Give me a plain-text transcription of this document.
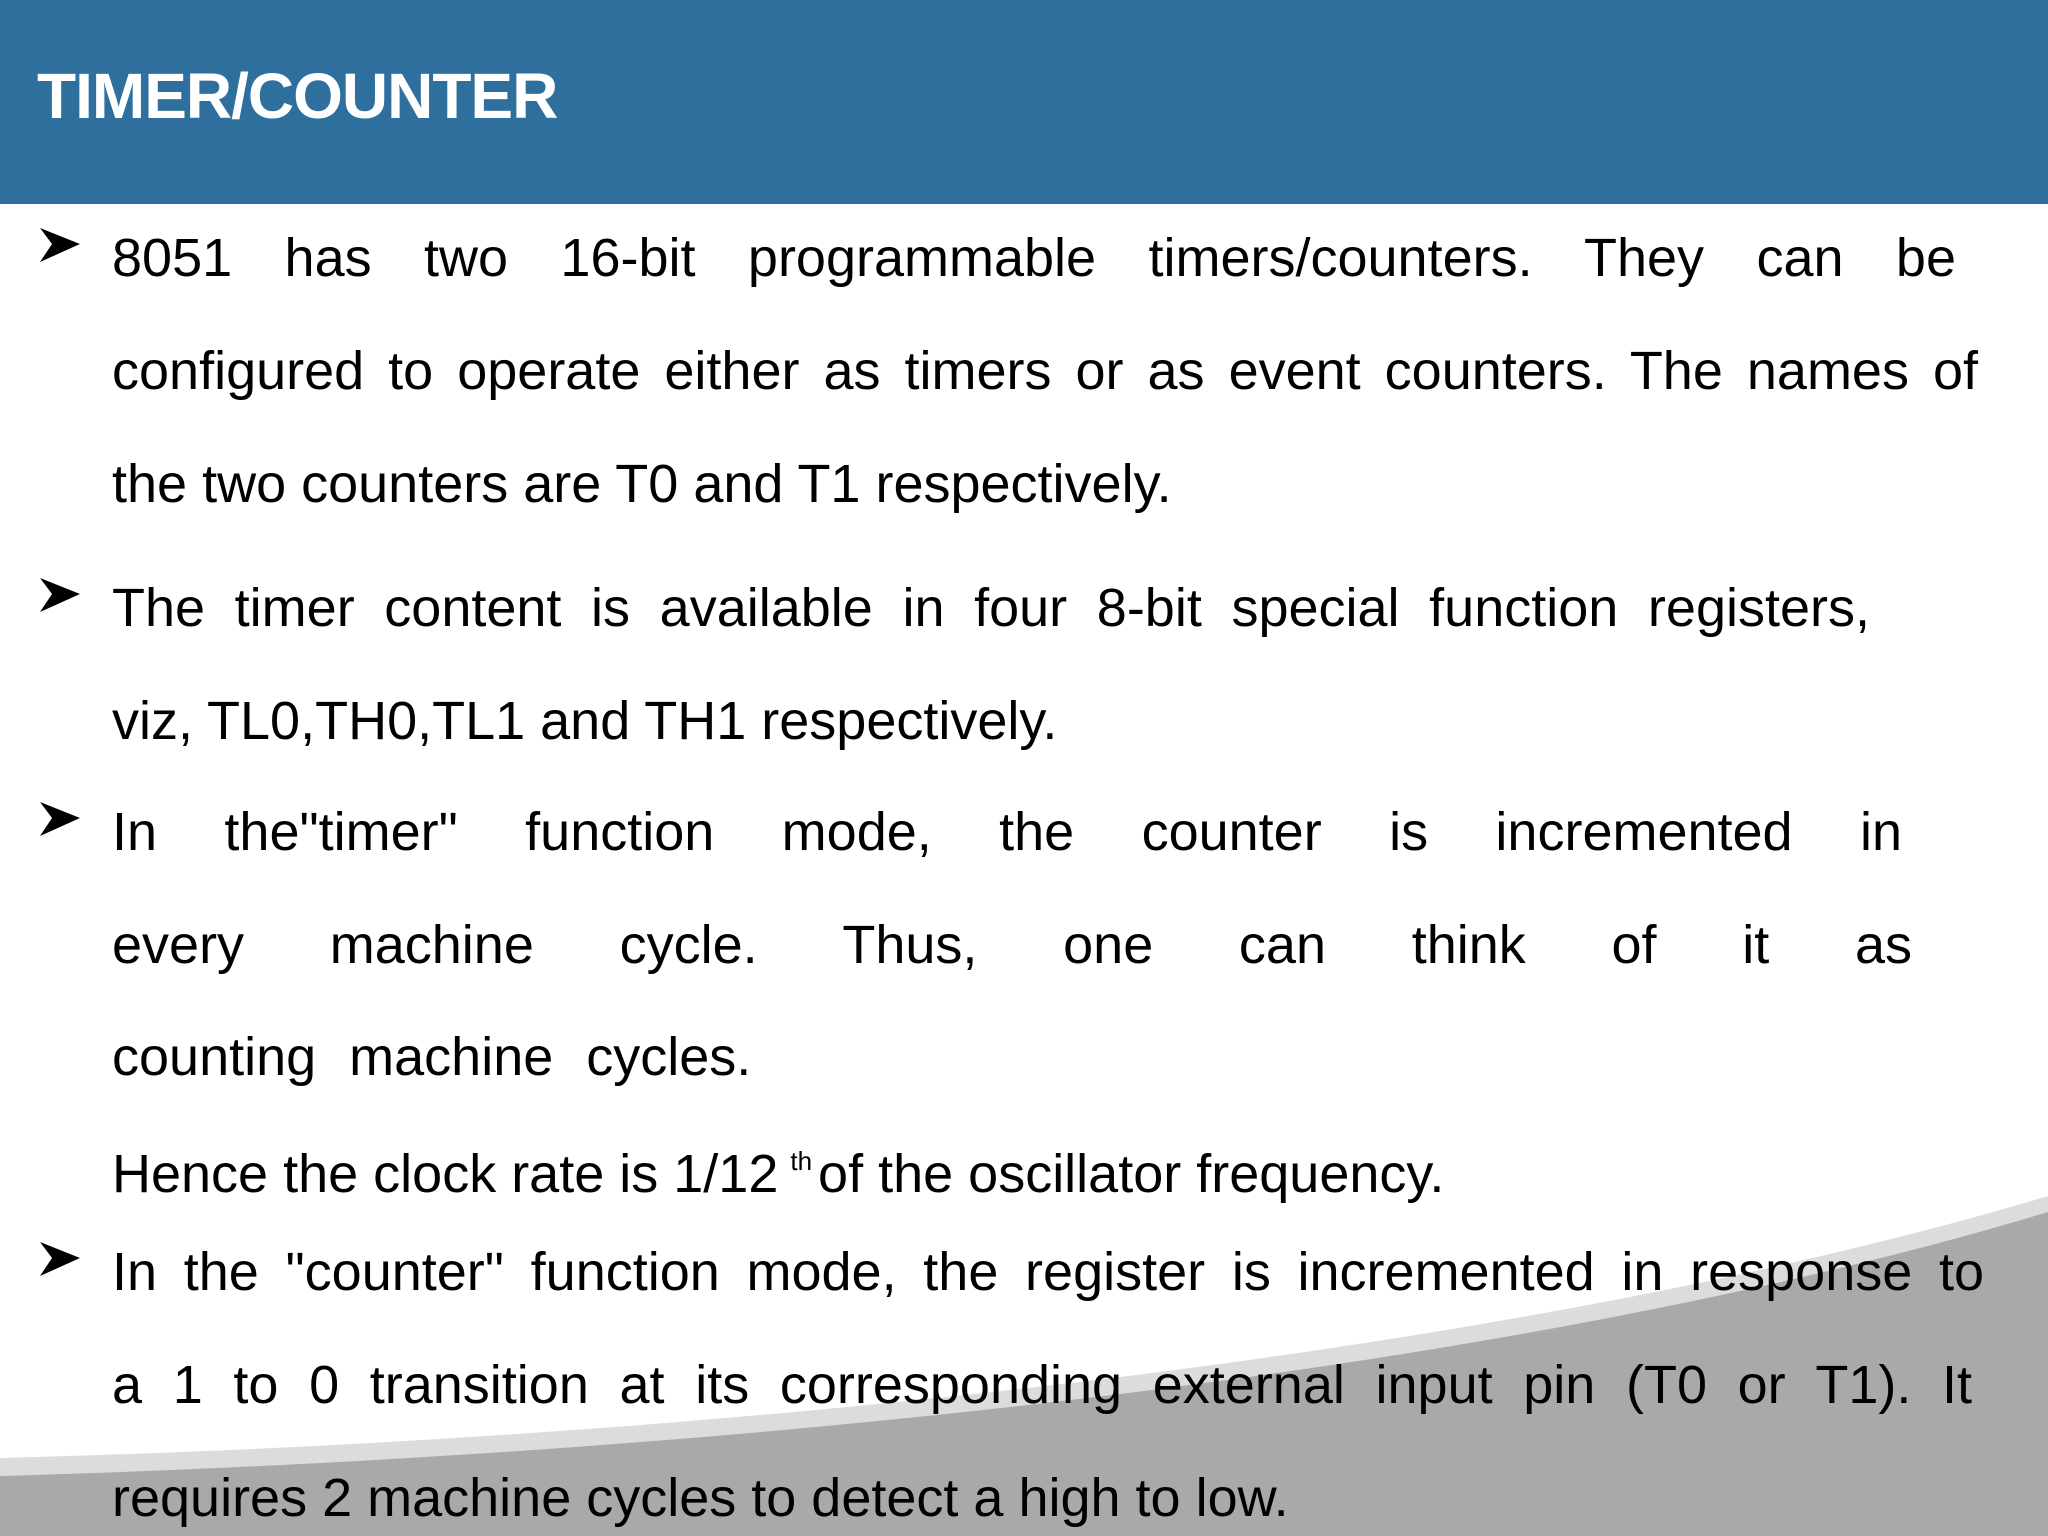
TIMER/COUNTER
8051 has two 16-bit programmable timers/counters. They can be
configured to operate either as timers or as event counters. The names of
the two counters are T0 and T1 respectively.
The timer content is available in four 8-bit special function registers,
viz, TL0,TH0,TL1 and TH1 respectively.
In the"timer" function mode, the counter is incremented in
every machine cycle. Thus, one can think of it as
counting machine cycles.
Hence the clock rate is 1/12 $^{th}$ of the oscillator frequency.
In the "counter" function mode, the register is incremented in response to
a 1 to 0 transition at its corresponding external input pin (T0 or T1). It
requires 2 machine cycles to detect a high to low.
